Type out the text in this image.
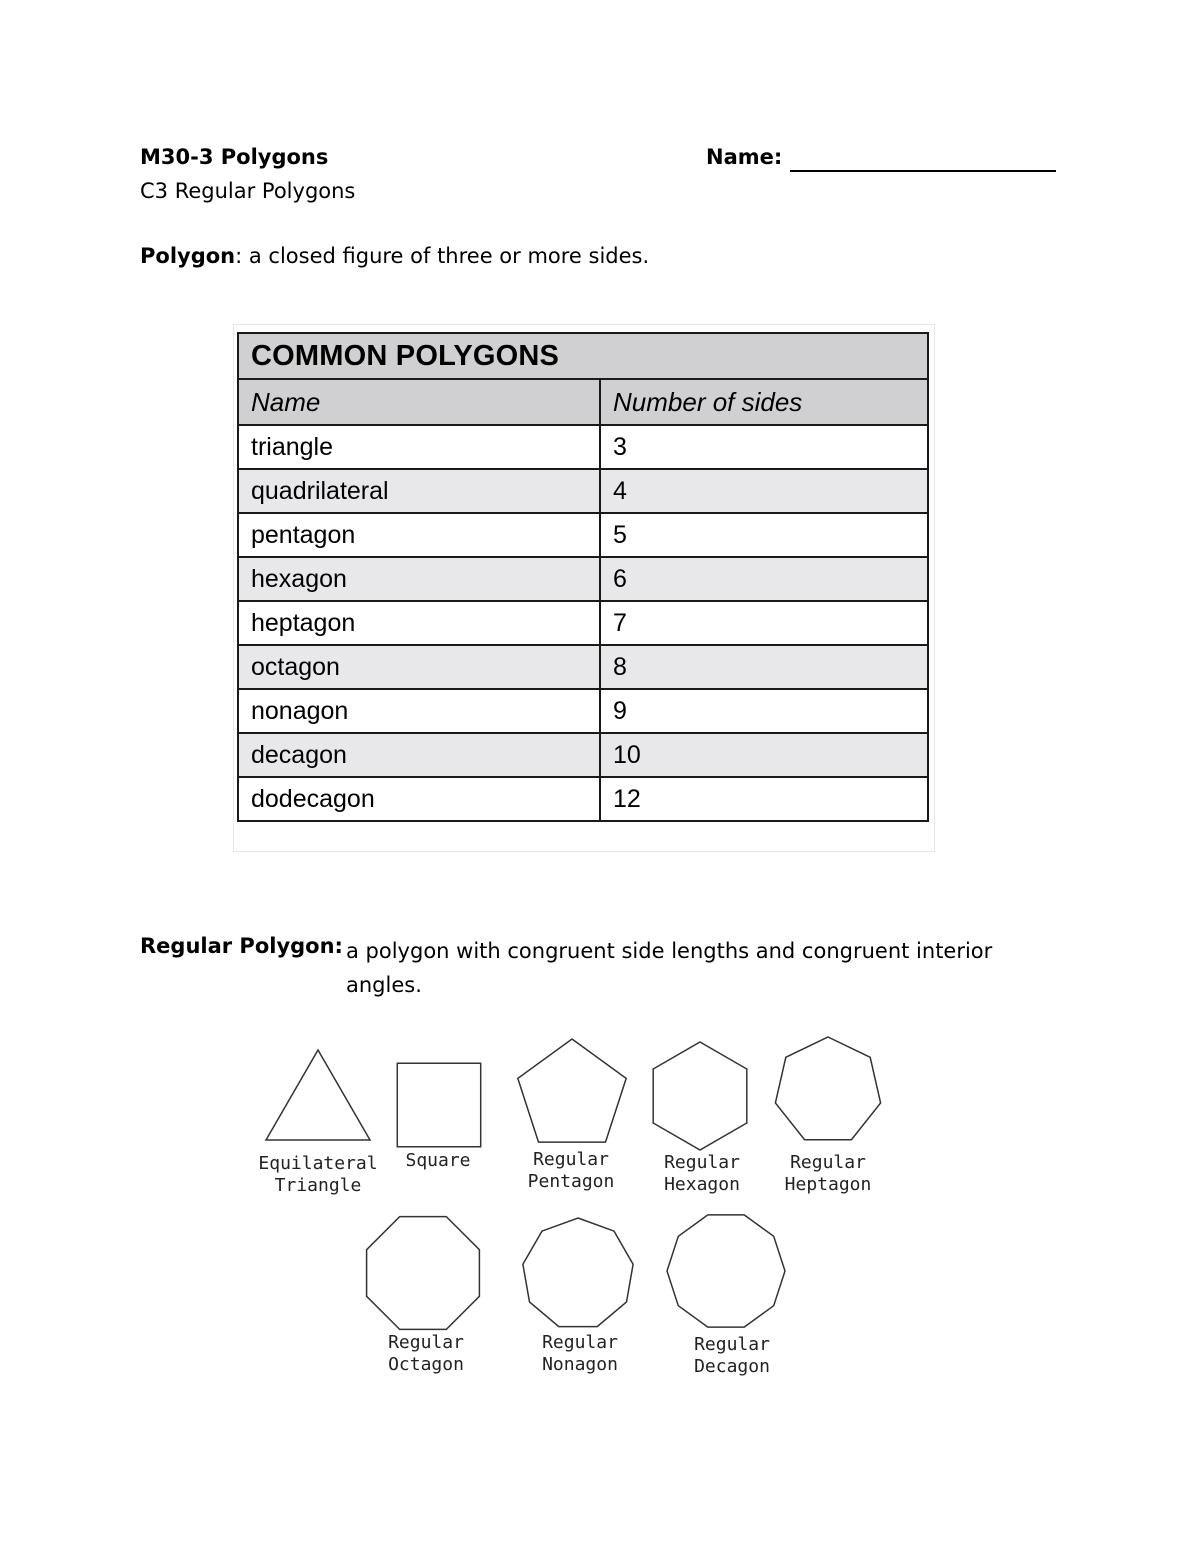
M30-3 Polygons
C3 Regular Polygons
Name:
Polygon: a closed figure of three or more sides.
COMMON POLYGONS	
Name	Number of sides
triangle	3
quadrilateral	4
pentagon	5
hexagon	6
heptagon	7
octagon	8
nonagon	9
decagon	10
dodecagon	12
Regular Polygon: a polygon with congruent side lengths and congruent interior angles.
Equilateral
Triangle
Square	Regular
Pentagon
Regular
Hexagon
Regular
Heptagon
Regular
Octagon
Regular
Nonagon
Regular
Decagon
